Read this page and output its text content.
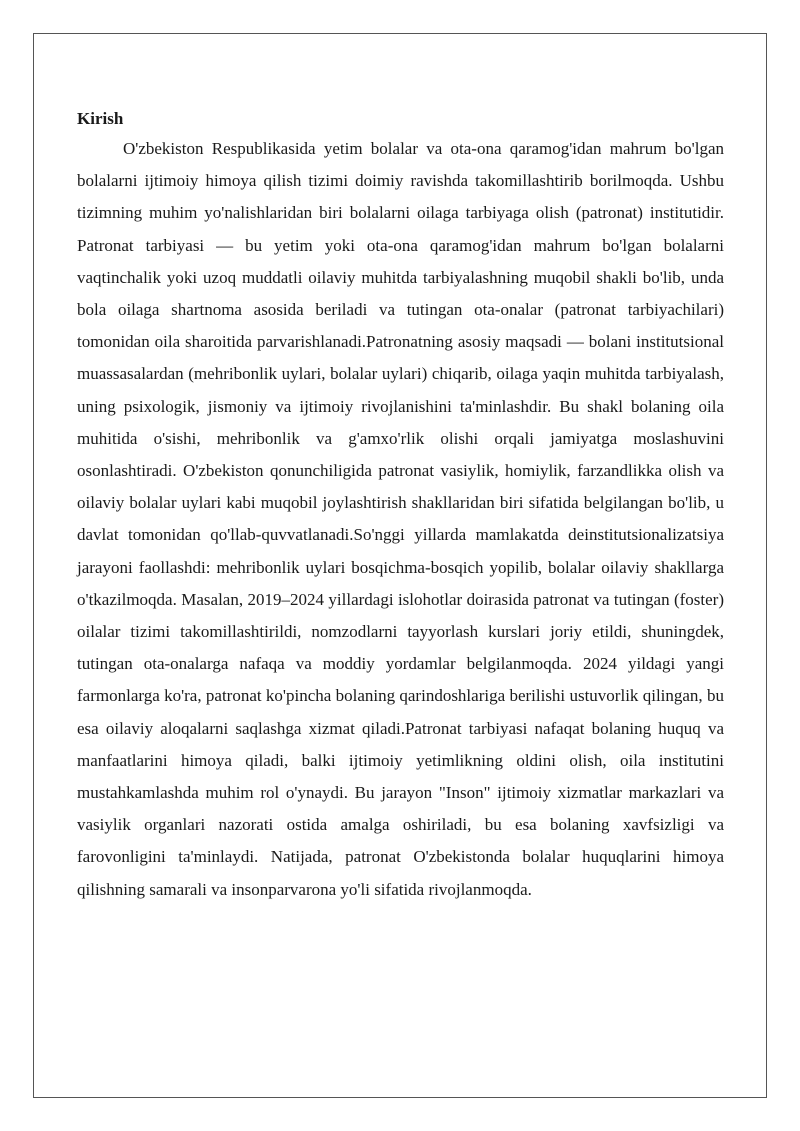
Kirish

O'zbekiston Respublikasida yetim bolalar va ota-ona qaramog'idan mahrum bo'lgan bolalarni ijtimoiy himoya qilish tizimi doimiy ravishda takomillashtirib borilmoqda. Ushbu tizimning muhim yo'nalishlaridan biri bolalarni oilaga tarbiyaga olish (patronat) institutidir. Patronat tarbiyasi — bu yetim yoki ota-ona qaramog'idan mahrum bo'lgan bolalarni vaqtinchalik yoki uzoq muddatli oilaviy muhitda tarbiyalashning muqobil shakli bo'lib, unda bola oilaga shartnoma asosida beriladi va tutingan ota-onalar (patronat tarbiyachilari) tomonidan oila sharoitida parvarishlanadi.Patronatning asosiy maqsadi — bolani institutsional muassasalardan (mehribonlik uylari, bolalar uylari) chiqarib, oilaga yaqin muhitda tarbiyalash, uning psixologik, jismoniy va ijtimoiy rivojlanishini ta'minlashdir. Bu shakl bolaning oila muhitida o'sishi, mehribonlik va g'amxo'rlik olishi orqali jamiyatga moslashuvini osonlashtiradi. O'zbekiston qonunchiligida patronat vasiylik, homiylik, farzandlikka olish va oilaviy bolalar uylari kabi muqobil joylashtirish shakllaridan biri sifatida belgilangan bo'lib, u davlat tomonidan qo'llab-quvvatlanadi.So'nggi yillarda mamlakatda deinstitutsionalizatsiya jarayoni faollashdi: mehribonlik uylari bosqichma-bosqich yopilib, bolalar oilaviy shakllarga o'tkazilmoqda. Masalan, 2019–2024 yillardagi islohotlar doirasida patronat va tutingan (foster) oilalar tizimi takomillashtirildi, nomzodlarni tayyorlash kurslari joriy etildi, shuningdek, tutingan ota-onalarga nafaqa va moddiy yordamlar belgilanmoqda. 2024 yildagi yangi farmonlarga ko'ra, patronat ko'pincha bolaning qarindoshlariga berilishi ustuvorlik qilingan, bu esa oilaviy aloqalarni saqlashga xizmat qiladi.Patronat tarbiyasi nafaqat bolaning huquq va manfaatlarini himoya qiladi, balki ijtimoiy yetimlikning oldini olish, oila institutini mustahkamlashda muhim rol o'ynaydi. Bu jarayon "Inson" ijtimoiy xizmatlar markazlari va vasiylik organlari nazorati ostida amalga oshiriladi, bu esa bolaning xavfsizligi va farovonligini ta'minlaydi. Natijada, patronat O'zbekistonda bolalar huquqlarini himoya qilishning samarali va insonparvarona yo'li sifatida rivojlanmoqda.
